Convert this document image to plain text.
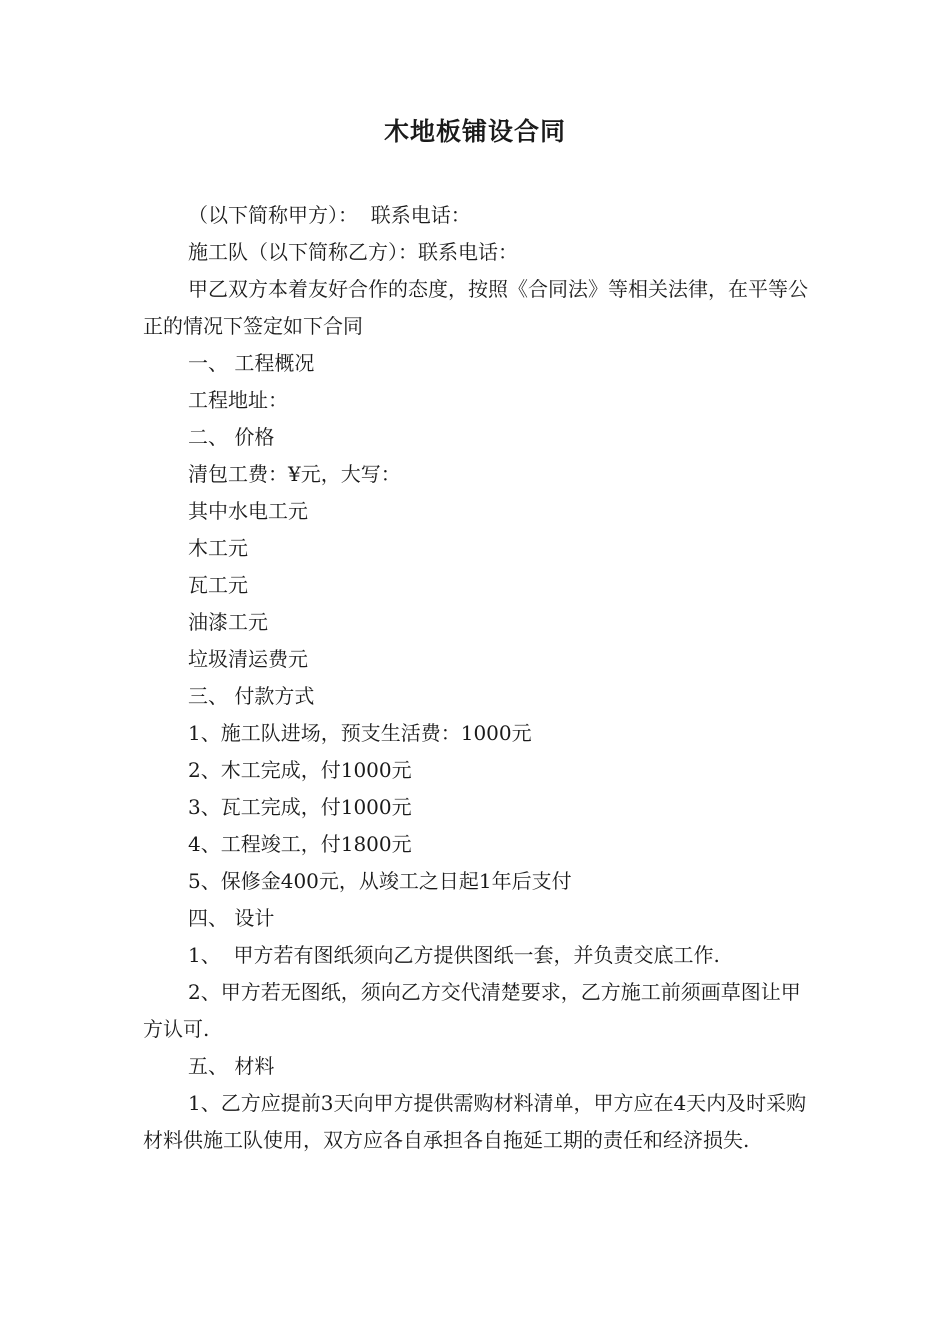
木地板铺设合同

（以下简称甲方）：  联系电话：

施工队（以下简称乙方）：联系电话：

甲乙双方本着友好合作的态度，按照《合同法》等相关法律，在平等公正的情况下签定如下合同

一、 工程概况

工程地址：

二、 价格

清包工费：¥元，大写：

其中水电工元

木工元

瓦工元

油漆工元

垃圾清运费元

三、 付款方式

1、施工队进场，预支生活费：1000元

2、木工完成，付1000元

3、瓦工完成，付1000元

4、工程竣工，付1800元

5、保修金400元，从竣工之日起1年后支付

四、 设计

1、  甲方若有图纸须向乙方提供图纸一套，并负责交底工作.

2、甲方若无图纸，须向乙方交代清楚要求，乙方施工前须画草图让甲方认可.

五、 材料

1、乙方应提前3天向甲方提供需购材料清单，甲方应在4天内及时采购材料供施工队使用，双方应各自承担各自拖延工期的责任和经济损失.
